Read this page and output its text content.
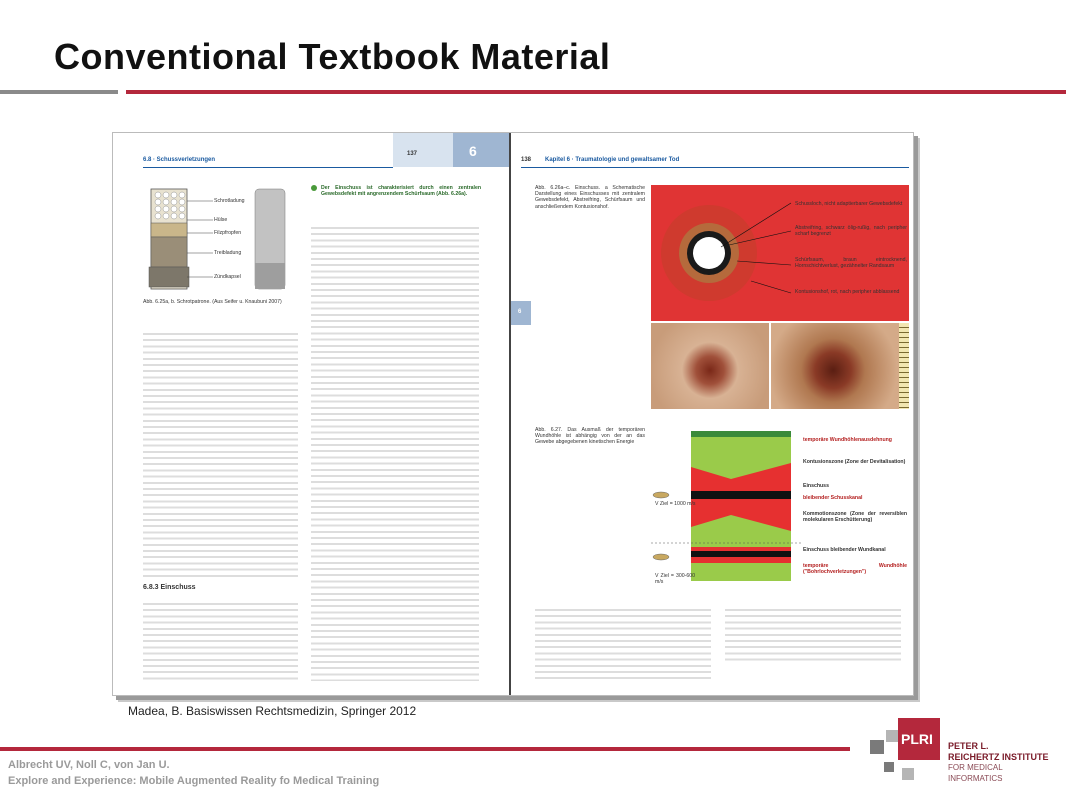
Conventional Textbook Material
6.8 · Schussverletzungen
137	6
Schrotladung
Hülse
Filzpfropfen
Treibladung
Zündkapsel
Abb. 6.25a, b. Schrotpatrone. (Aus Seifer u. Knaubuni 2007)
6.8.3 Einschuss
Der Einschuss ist charakterisiert durch einen zentralen Gewebsdefekt mit angrenzendem Schürfsaum (Abb. 6.26a).
138 Kapitel 6 · Traumatologie und gewaltsamer Tod
6
Abb. 6.26a–c. Einschuss. a Schematische Darstellung eines Einschusses mit zentralem Gewebsdefekt, Abstreifring, Schürfsaum und anschließendem Kontusionshof.	Schussloch, nicht adaptierbarer Gewebsdefekt
Abstreifring, schwarz ölig-rußig, nach peripher scharf begrenzt
Schürfsaum, braun eintrocknend, Hornschichtverlust, gezähnelter Randsaum
Kontusionshof, rot, nach peripher abblassend
Abb. 6.27. Das Ausmaß der temporären Wundhöhle ist abhängig von der an das Gewebe abgegebenen kinetischen Energie
V Ziel = 1000 m/s
V Ziel = 300-600 m/s
temporäre Wundhöhlenausdehnung
Kontusionszone (Zone der Devitalisation)
Einschuss
bleibender Schusskanal
Kommotionszone (Zone der reversiblen molekularen Erschütterung)
Einschuss bleibender Wundkanal
temporäre Wundhöhle ("Bohrlochverletzungen")
Madea, B. Basiswissen Rechtsmedizin, Springer 2012
Albrecht UV, Noll C, von Jan U.
Explore and Experience: Mobile Augmented Reality fo Medical Training
PLRI PETER L.
REICHERTZ INSTITUTE
FOR MEDICAL
INFORMATICS
